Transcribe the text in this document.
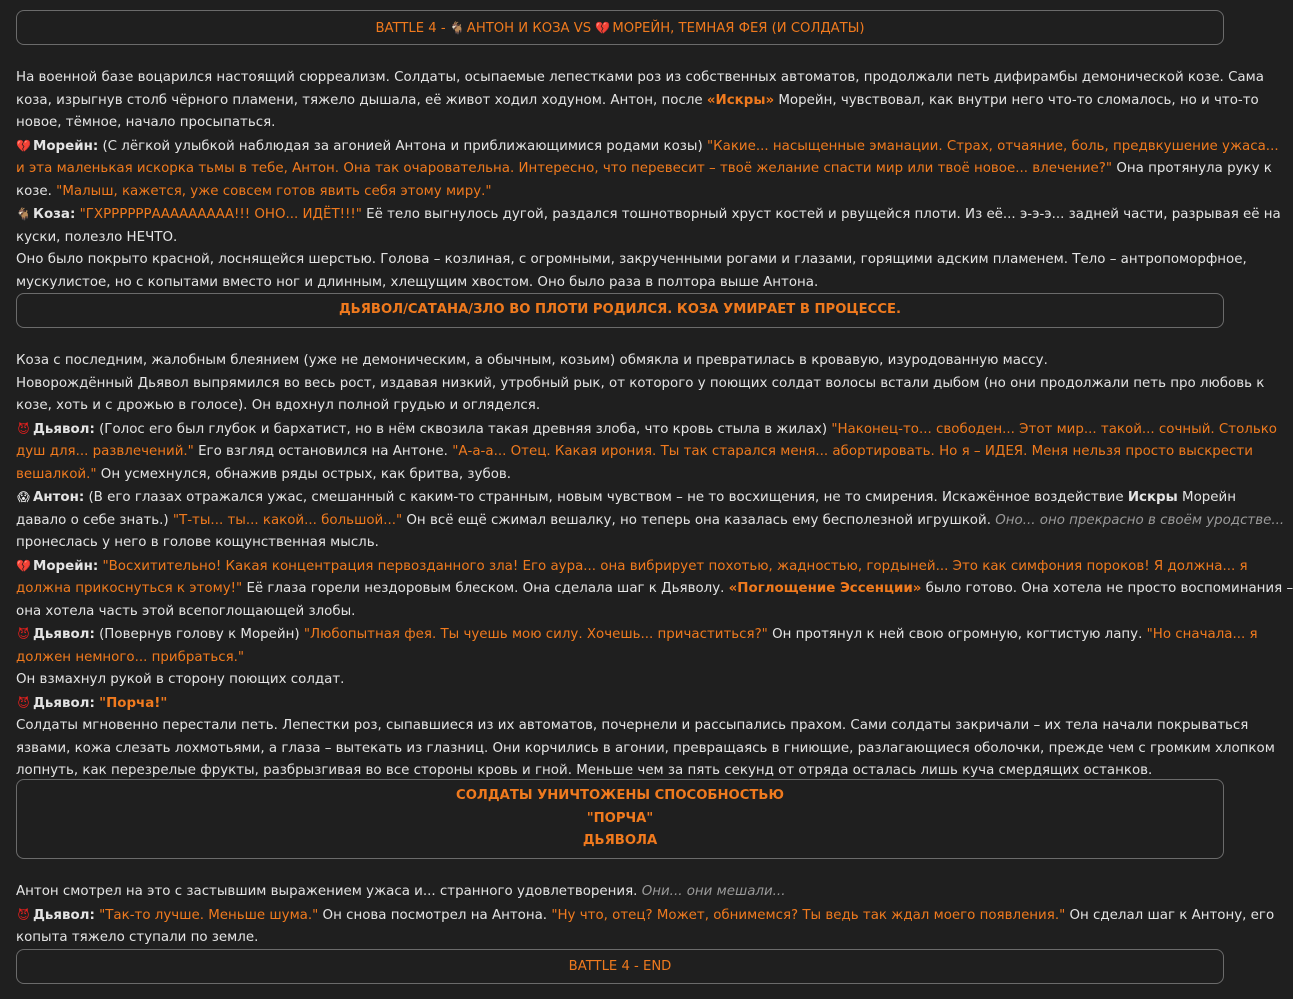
BATTLE 4 - 🐐 АНТОН И КОЗА VS 💔 МОРЕЙН, ТЕМНАЯ ФЕЯ (И СОЛДАТЫ)
На военной базе воцарился настоящий сюрреализм. Солдаты, осыпаемые лепестками роз из собственных автоматов, продолжали петь дифирамбы демонической козе. Сама
коза, изрыгнув столб чёрного пламени, тяжело дышала, её живот ходил ходуном. Антон, после «Искры» Морейн, чувствовал, как внутри него что-то сломалось, но и что-то
новое, тёмное, начало просыпаться.
💔 Морейн: (С лёгкой улыбкой наблюдая за агонией Антона и приближающимися родами козы) "Какие... насыщенные эманации. Страх, отчаяние, боль, предвкушение ужаса...
и эта маленькая искорка тьмы в тебе, Антон. Она так очаровательна. Интересно, что перевесит – твоё желание спасти мир или твоё новое... влечение?" Она протянула руку к
козе. "Малыш, кажется, уже совсем готов явить себя этому миру."
🐐 Коза: "ГХРРРРРРААААААААА!!! ОНО... ИДЁТ!!!" Её тело выгнулось дугой, раздался тошнотворный хруст костей и рвущейся плоти. Из её... э-э-э... задней части, разрывая её на
куски, полезло НЕЧТО.
Оно было покрыто красной, лоснящейся шерстью. Голова – козлиная, с огромными, закрученными рогами и глазами, горящими адским пламенем. Тело – антропоморфное,
мускулистое, но с копытами вместо ног и длинным, хлещущим хвостом. Оно было раза в полтора выше Антона.
ДЬЯВОЛ/САТАНА/ЗЛО ВО ПЛОТИ РОДИЛСЯ. КОЗА УМИРАЕТ В ПРОЦЕССЕ.
Коза с последним, жалобным блеянием (уже не демоническим, а обычным, козьим) обмякла и превратилась в кровавую, изуродованную массу.
Новорождённый Дьявол выпрямился во весь рост, издавая низкий, утробный рык, от которого у поющих солдат волосы встали дыбом (но они продолжали петь про любовь к
козе, хоть и с дрожью в голосе). Он вдохнул полной грудью и огляделся.
😈 Дьявол: (Голос его был глубок и бархатист, но в нём сквозила такая древняя злоба, что кровь стыла в жилах) "Наконец-то... свободен... Этот мир... такой... сочный. Столько
душ для... развлечений." Его взгляд остановился на Антоне. "А-а-а... Отец. Какая ирония. Ты так старался меня... абортировать. Но я – ИДЕЯ. Меня нельзя просто выскрести
вешалкой." Он усмехнулся, обнажив ряды острых, как бритва, зубов.
😱 Антон: (В его глазах отражался ужас, смешанный с каким-то странным, новым чувством – не то восхищения, не то смирения. Искажённое воздействие Искры Морейн
давало о себе знать.) "Т-ты... ты... какой... большой..." Он всё ещё сжимал вешалку, но теперь она казалась ему бесполезной игрушкой. Оно... оно прекрасно в своём уродстве...
пронеслась у него в голове кощунственная мысль.
💔 Морейн: "Восхитительно! Какая концентрация первозданного зла! Его аура... она вибрирует похотью, жадностью, гордыней... Это как симфония пороков! Я должна... я
должна прикоснуться к этому!" Её глаза горели нездоровым блеском. Она сделала шаг к Дьяволу. «Поглощение Эссенции» было готово. Она хотела не просто воспоминания –
она хотела часть этой всепоглощающей злобы.
😈 Дьявол: (Повернув голову к Морейн) "Любопытная фея. Ты чуешь мою силу. Хочешь... причаститься?" Он протянул к ней свою огромную, когтистую лапу. "Но сначала... я
должен немного... прибраться."
Он взмахнул рукой в сторону поющих солдат.
😈 Дьявол: "Порча!"
Солдаты мгновенно перестали петь. Лепестки роз, сыпавшиеся из их автоматов, почернели и рассыпались прахом. Сами солдаты закричали – их тела начали покрываться
язвами, кожа слезать лохмотьями, а глаза – вытекать из глазниц. Они корчились в агонии, превращаясь в гниющие, разлагающиеся оболочки, прежде чем с громким хлопком
лопнуть, как перезрелые фрукты, разбрызгивая во все стороны кровь и гной. Меньше чем за пять секунд от отряда осталась лишь куча смердящих останков.
СОЛДАТЫ УНИЧТОЖЕНЫ СПОСОБНОСТЬЮ
"ПОРЧА"
ДЬЯВОЛА
Антон смотрел на это с застывшим выражением ужаса и... странного удовлетворения. Они... они мешали...
😈 Дьявол: "Так-то лучше. Меньше шума." Он снова посмотрел на Антона. "Ну что, отец? Может, обнимемся? Ты ведь так ждал моего появления." Он сделал шаг к Антону, его
копыта тяжело ступали по земле.
BATTLE 4 - END
